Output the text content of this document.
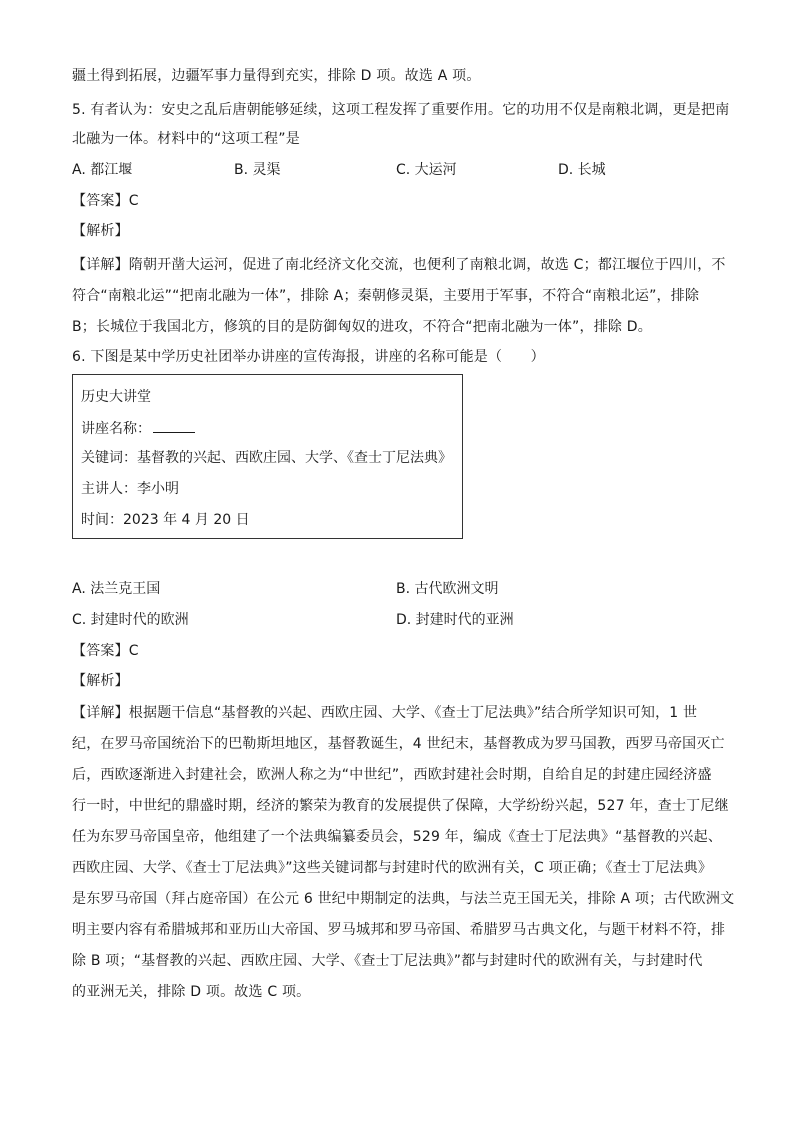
疆土得到拓展，边疆军事力量得到充实，排除 D 项。故选 A 项。
5. 有者认为：安史之乱后唐朝能够延续，这项工程发挥了重要作用。它的功用不仅是南粮北调，更是把南
北融为一体。材料中的“这项工程”是
A. 都江堰	B. 灵渠	C. 大运河	D. 长城
【答案】C
【解析】
【详解】隋朝开凿大运河，促进了南北经济文化交流，也便利了南粮北调，故选 C；都江堰位于四川，不
符合“南粮北运”“把南北融为一体”，排除 A；秦朝修灵渠，主要用于军事，不符合“南粮北运”，排除
B；长城位于我国北方，修筑的目的是防御匈奴的进攻，不符合“把南北融为一体”，排除 D。
6. 下图是某中学历史社团举办讲座的宣传海报，讲座的名称可能是（　　）
历史大讲堂
讲座名称：
关键词：基督教的兴起、西欧庄园、大学、《查士丁尼法典》
主讲人：李小明
时间：2023 年 4 月 20 日
A. 法兰克王国	B. 古代欧洲文明
C. 封建时代的欧洲	D. 封建时代的亚洲
【答案】C
【解析】
【详解】根据题干信息“基督教的兴起、西欧庄园、大学、《查士丁尼法典》”结合所学知识可知，1 世
纪，在罗马帝国统治下的巴勒斯坦地区，基督教诞生，4 世纪末，基督教成为罗马国教，西罗马帝国灭亡
后，西欧逐渐进入封建社会，欧洲人称之为“中世纪”，西欧封建社会时期，自给自足的封建庄园经济盛
行一时，中世纪的鼎盛时期，经济的繁荣为教育的发展提供了保障，大学纷纷兴起，527 年，查士丁尼继
任为东罗马帝国皇帝，他组建了一个法典编纂委员会，529 年，编成《查士丁尼法典》“基督教的兴起、
西欧庄园、大学、《查士丁尼法典》”这些关键词都与封建时代的欧洲有关，C 项正确；《查士丁尼法典》
是东罗马帝国（拜占庭帝国）在公元 6 世纪中期制定的法典，与法兰克王国无关，排除 A 项；古代欧洲文
明主要内容有希腊城邦和亚历山大帝国、罗马城邦和罗马帝国、希腊罗马古典文化，与题干材料不符，排
除 B 项；“基督教的兴起、西欧庄园、大学、《查士丁尼法典》”都与封建时代的欧洲有关，与封建时代
的亚洲无关，排除 D 项。故选 C 项。
